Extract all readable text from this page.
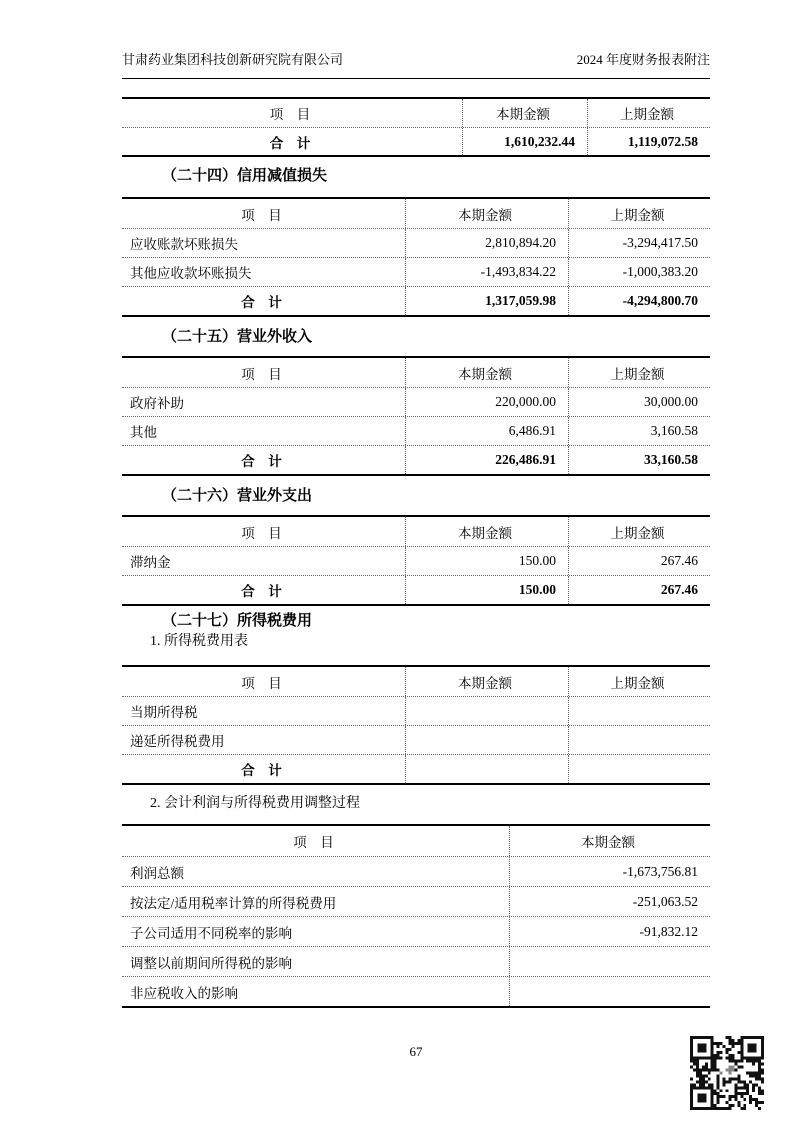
甘肃药业集团科技创新研究院有限公司	2024 年度财务报表附注
项　目	本期金额	上期金额
合　计	1,610,232.44	1,119,072.58
（二十四）信用减值损失
项　目	本期金额	上期金额
应收账款坏账损失	2,810,894.20	-3,294,417.50
其他应收款坏账损失	-1,493,834.22	-1,000,383.20
合　计	1,317,059.98	-4,294,800.70
（二十五）营业外收入
项　目	本期金额	上期金额
政府补助	220,000.00	30,000.00
其他	6,486.91	3,160.58
合　计	226,486.91	33,160.58
（二十六）营业外支出
项　目	本期金额	上期金额
滞纳金	150.00	267.46
合　计	150.00	267.46
（二十七）所得税费用
1. 所得税费用表
项　目	本期金额	上期金额
当期所得税
递延所得税费用
合　计
2. 会计利润与所得税费用调整过程
项　目	本期金额
利润总额	-1,673,756.81
按法定/适用税率计算的所得税费用	-251,063.52
子公司适用不同税率的影响	-91,832.12
调整以前期间所得税的影响
非应税收入的影响
67
